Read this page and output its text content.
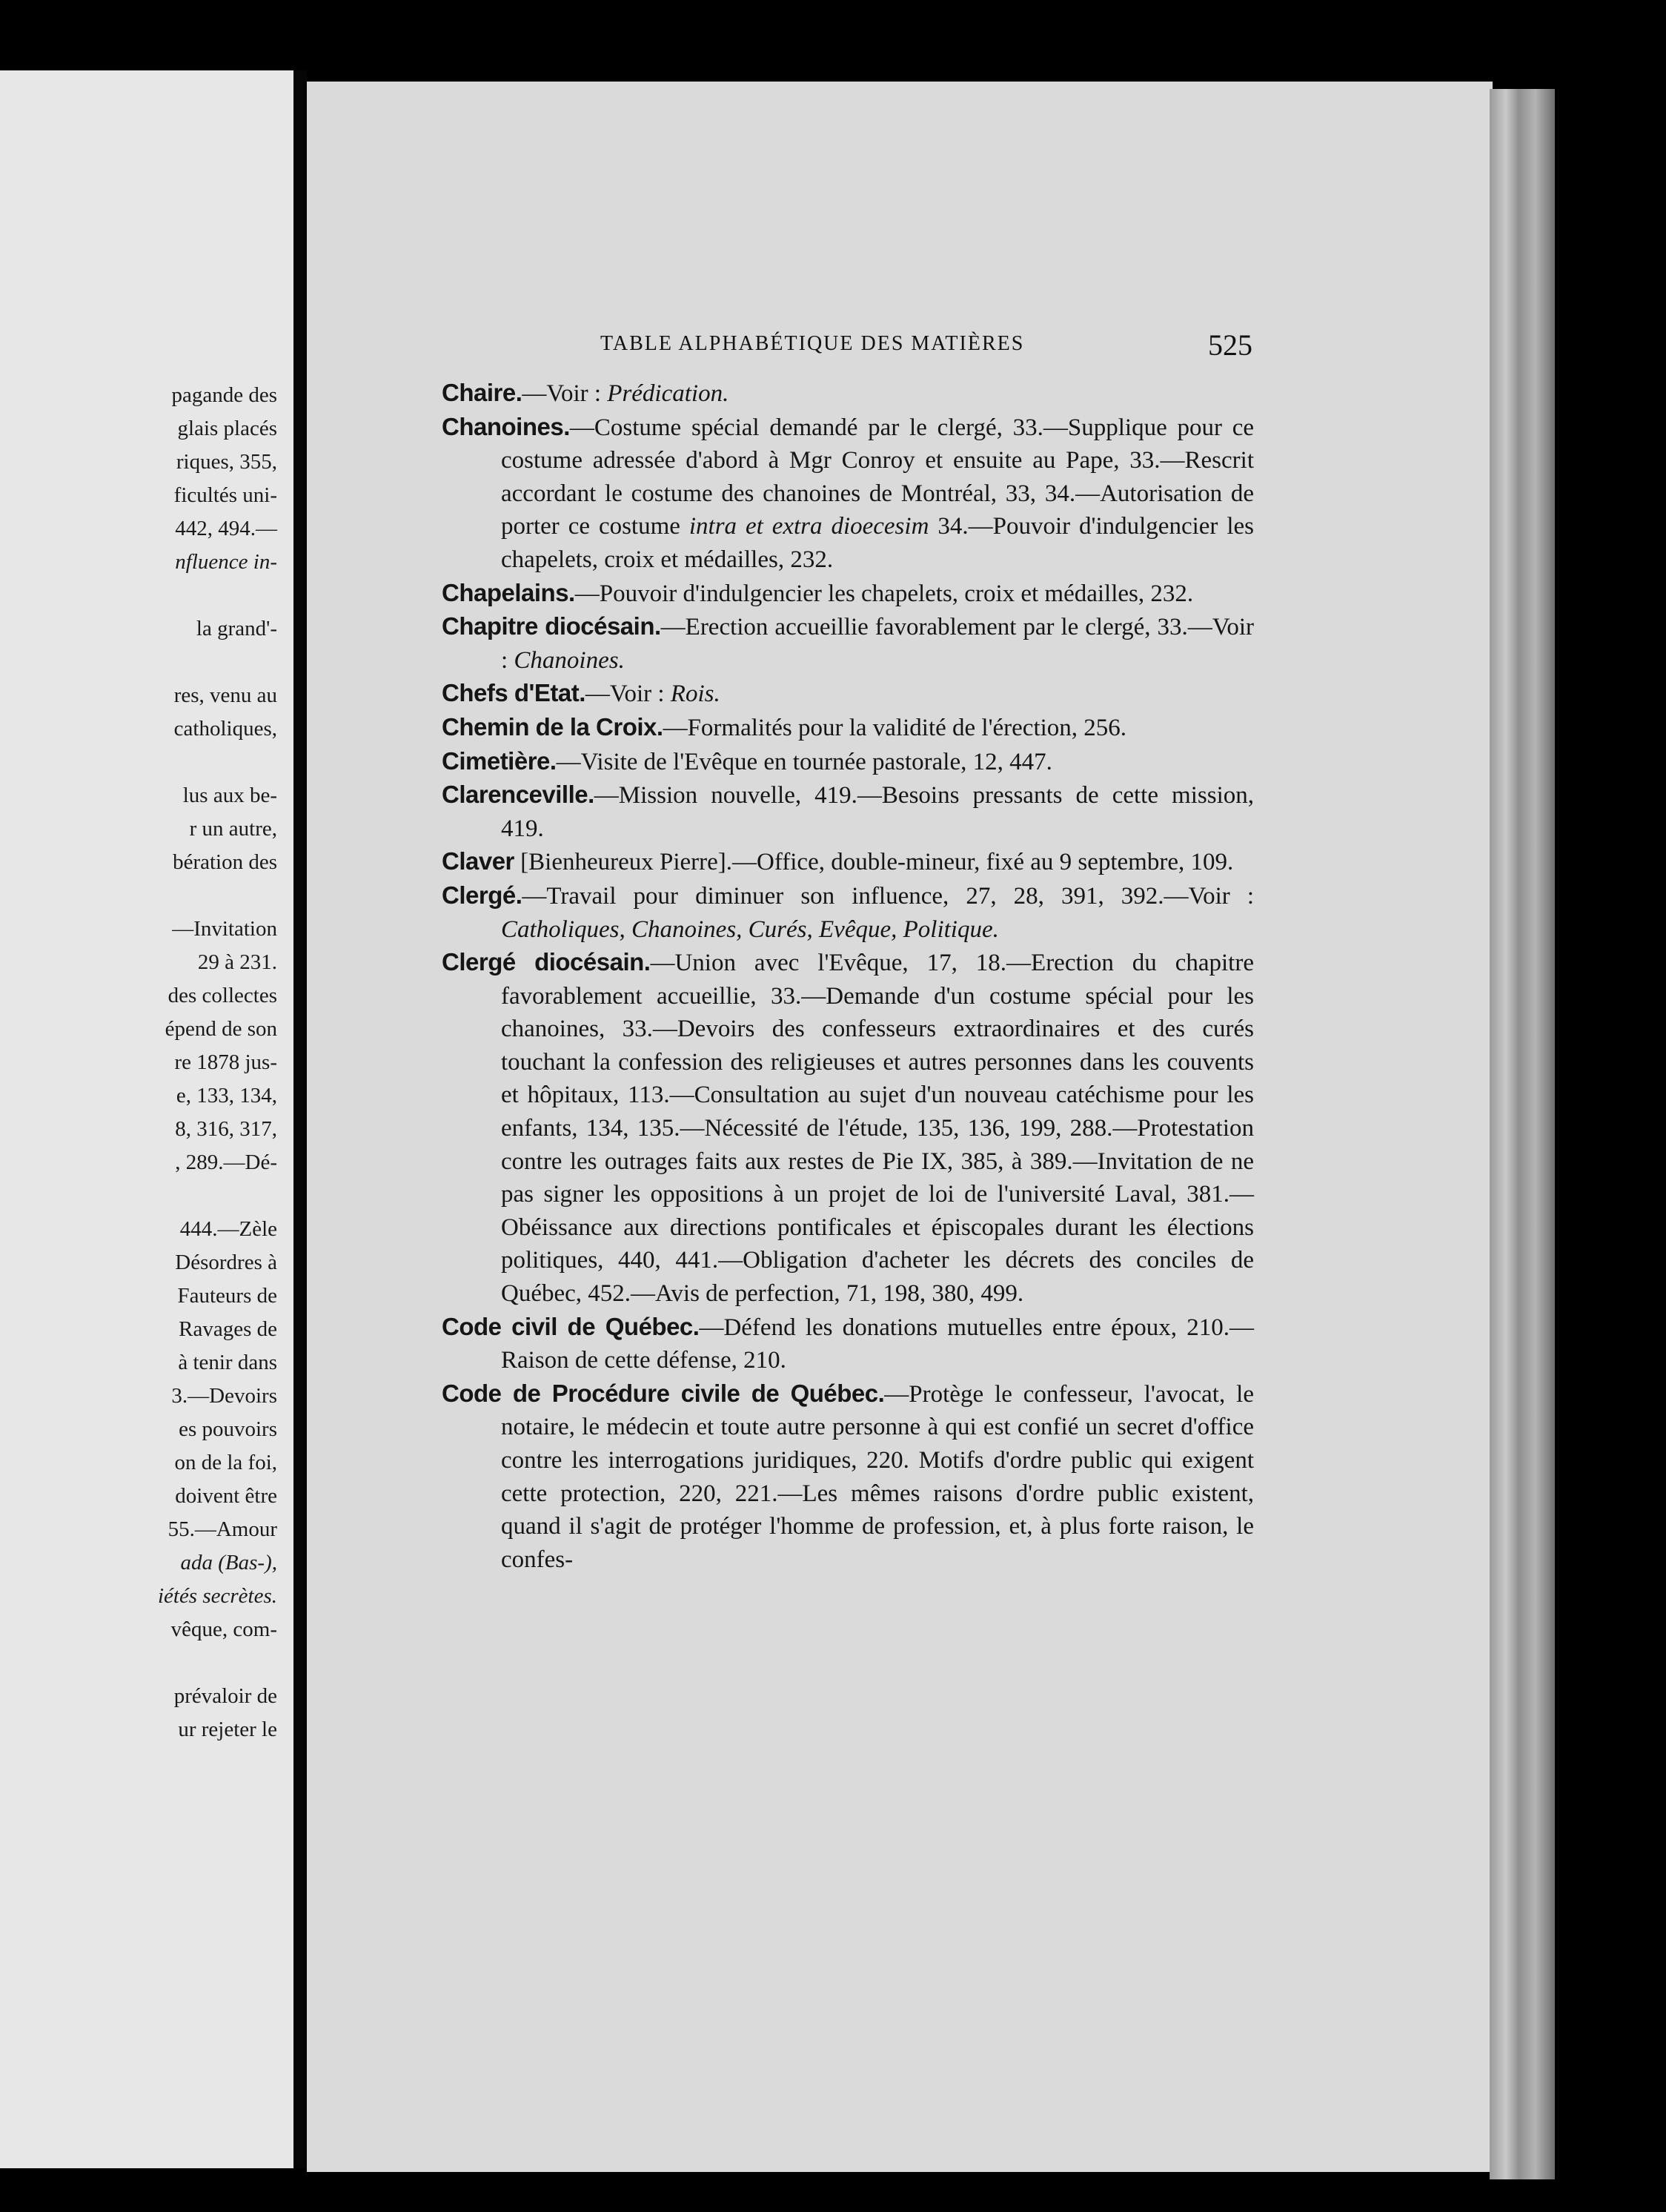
pagande des
glais placés
riques, 355,
ficultés uni-
442, 494.—
nfluence in-
la grand'-
res, venu au
catholiques,
lus aux be-
r un autre,
bération des
—Invitation
29 à 231.
des collectes
épend de son
re 1878 jus-
e, 133, 134,
8, 316, 317,
, 289.—Dé-
444.—Zèle
Désordres à
Fauteurs de
Ravages de
à tenir dans
3.—Devoirs
es pouvoirs
on de la foi,
doivent être
55.—Amour
ada (Bas-),
iétés secrètes.
vêque, com-
prévaloir de
ur rejeter le
TABLE ALPHABÉTIQUE DES MATIÈRES	525
Chaire.—Voir : Prédication.
Chanoines.—Costume spécial demandé par le clergé, 33.—Supplique pour ce costume adressée d'abord à Mgr Conroy et ensuite au Pape, 33.—Rescrit accordant le costume des chanoines de Montréal, 33, 34.—Autorisation de porter ce costume intra et extra dioecesim 34.—Pouvoir d'indulgencier les chapelets, croix et médailles, 232.
Chapelains.—Pouvoir d'indulgencier les chapelets, croix et médailles, 232.
Chapitre diocésain.—Erection accueillie favorablement par le clergé, 33.—Voir : Chanoines.
Chefs d'Etat.—Voir : Rois.
Chemin de la Croix.—Formalités pour la validité de l'érection, 256.
Cimetière.—Visite de l'Evêque en tournée pastorale, 12, 447.
Clarenceville.—Mission nouvelle, 419.—Besoins pressants de cette mission, 419.
Claver [Bienheureux Pierre].—Office, double-mineur, fixé au 9 septembre, 109.
Clergé.—Travail pour diminuer son influence, 27, 28, 391, 392.—Voir : Catholiques, Chanoines, Curés, Evêque, Politique.
Clergé diocésain.—Union avec l'Evêque, 17, 18.—Erection du chapitre favorablement accueillie, 33.—Demande d'un costume spécial pour les chanoines, 33.—Devoirs des confesseurs extraordinaires et des curés touchant la confession des religieuses et autres personnes dans les couvents et hôpitaux, 113.—Consultation au sujet d'un nouveau catéchisme pour les enfants, 134, 135.—Nécessité de l'étude, 135, 136, 199, 288.—Protestation contre les outrages faits aux restes de Pie IX, 385, à 389.—Invitation de ne pas signer les oppositions à un projet de loi de l'université Laval, 381.—Obéissance aux directions pontificales et épiscopales durant les élections politiques, 440, 441.—Obligation d'acheter les décrets des conciles de Québec, 452.—Avis de perfection, 71, 198, 380, 499.
Code civil de Québec.—Défend les donations mutuelles entre époux, 210.—Raison de cette défense, 210.
Code de Procédure civile de Québec.—Protège le confesseur, l'avocat, le notaire, le médecin et toute autre personne à qui est confié un secret d'office contre les interrogations juridiques, 220. Motifs d'ordre public qui exigent cette protection, 220, 221.—Les mêmes raisons d'ordre public existent, quand il s'agit de protéger l'homme de profession, et, à plus forte raison, le confes-
